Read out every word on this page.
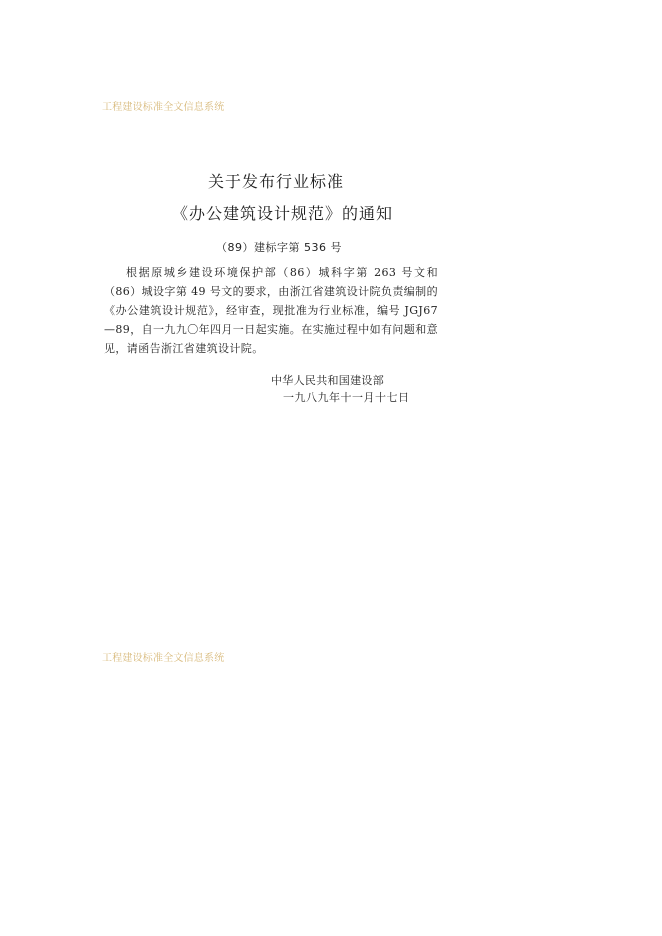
工程建设标准全文信息系统
关于发布行业标准
《办公建筑设计规范》的通知
（89）建标字第 536 号
根据原城乡建设环境保护部（86）城科字第 263 号文和（86）城设字第 49 号文的要求，由浙江省建筑设计院负责编制的《办公建筑设计规范》，经审查，现批准为行业标准，编号 JGJ67—89，自一九九〇年四月一日起实施。在实施过程中如有问题和意见，请函告浙江省建筑设计院。
中华人民共和国建设部
一九八九年十一月十七日
工程建设标准全文信息系统
